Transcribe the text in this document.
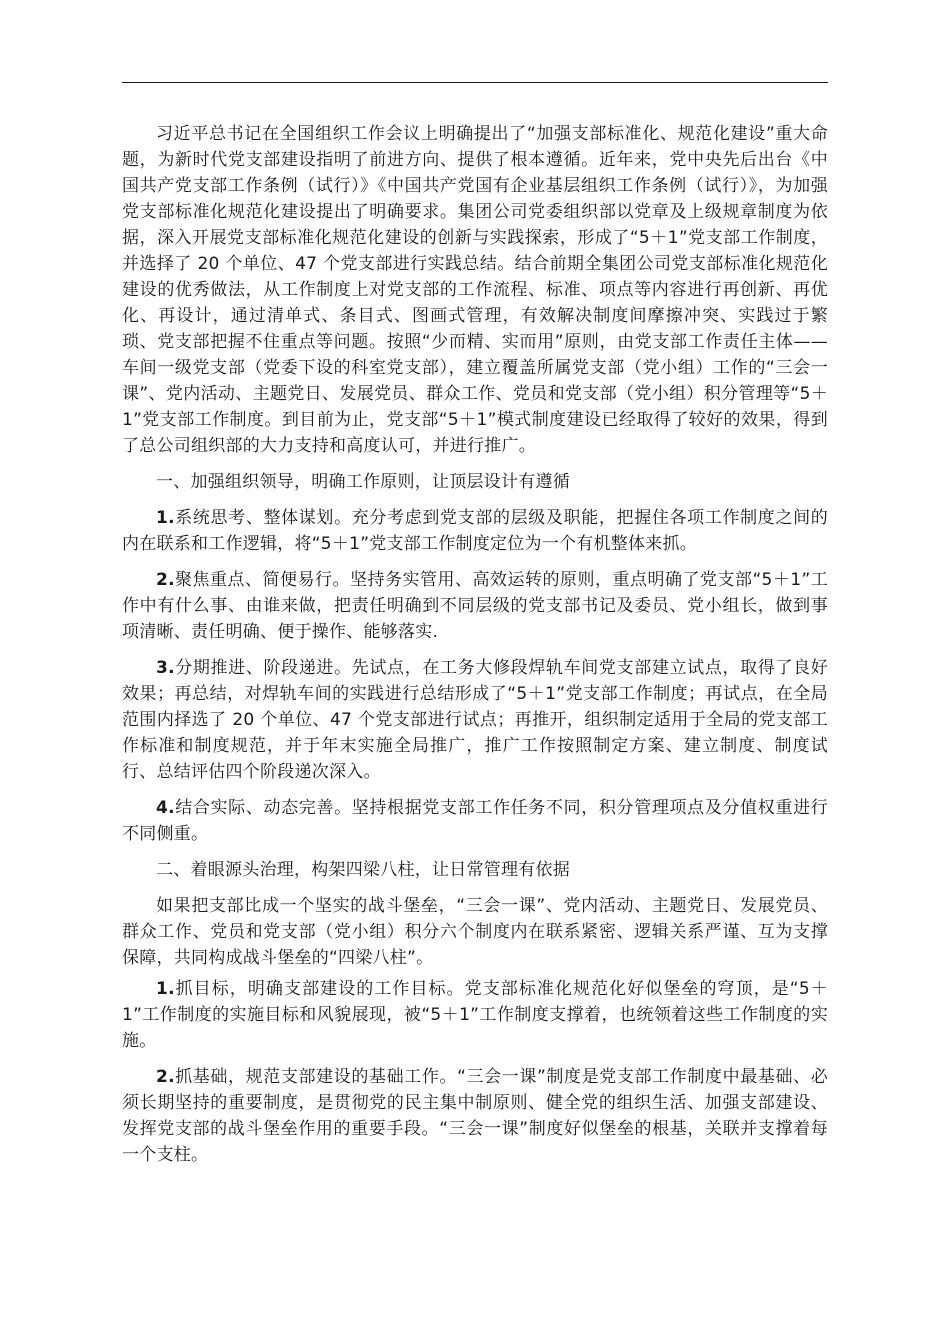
习近平总书记在全国组织工作会议上明确提出了“加强支部标准化、规范化建设”重大命题，为新时代党支部建设指明了前进方向、提供了根本遵循。近年来，党中央先后出台《中国共产党支部工作条例（试行）》《中国共产党国有企业基层组织工作条例（试行）》，为加强党支部标准化规范化建设提出了明确要求。集团公司党委组织部以党章及上级规章制度为依据，深入开展党支部标准化规范化建设的创新与实践探索，形成了“5＋1”党支部工作制度，并选择了 20 个单位、47 个党支部进行实践总结。结合前期全集团公司党支部标准化规范化建设的优秀做法，从工作制度上对党支部的工作流程、标准、项点等内容进行再创新、再优化、再设计，通过清单式、条目式、图画式管理，有效解决制度间摩擦冲突、实践过于繁琐、党支部把握不住重点等问题。按照“少而精、实而用”原则，由党支部工作责任主体——车间一级党支部（党委下设的科室党支部），建立覆盖所属党支部（党小组）工作的“三会一课”、党内活动、主题党日、发展党员、群众工作、党员和党支部（党小组）积分管理等“5＋1”党支部工作制度。到目前为止，党支部“5＋1”模式制度建设已经取得了较好的效果，得到了总公司组织部的大力支持和高度认可，并进行推广。

一、加强组织领导，明确工作原则，让顶层设计有遵循

1.系统思考、整体谋划。充分考虑到党支部的层级及职能，把握住各项工作制度之间的内在联系和工作逻辑，将“5＋1”党支部工作制度定位为一个有机整体来抓。

2.聚焦重点、简便易行。坚持务实管用、高效运转的原则，重点明确了党支部“5＋1”工作中有什么事、由谁来做，把责任明确到不同层级的党支部书记及委员、党小组长，做到事项清晰、责任明确、便于操作、能够落实.

3.分期推进、阶段递进。先试点，在工务大修段焊轨车间党支部建立试点，取得了良好效果；再总结，对焊轨车间的实践进行总结形成了“5＋1”党支部工作制度；再试点，在全局范围内择选了 20 个单位、47 个党支部进行试点；再推开，组织制定适用于全局的党支部工作标准和制度规范，并于年末实施全局推广，推广工作按照制定方案、建立制度、制度试行、总结评估四个阶段递次深入。

4.结合实际、动态完善。坚持根据党支部工作任务不同，积分管理项点及分值权重进行不同侧重。

二、着眼源头治理，构架四梁八柱，让日常管理有依据

如果把支部比成一个坚实的战斗堡垒，“三会一课”、党内活动、主题党日、发展党员、群众工作、党员和党支部（党小组）积分六个制度内在联系紧密、逻辑关系严谨、互为支撑保障，共同构成战斗堡垒的“四梁八柱”。

1.抓目标，明确支部建设的工作目标。党支部标准化规范化好似堡垒的穹顶，是“5＋1”工作制度的实施目标和风貌展现，被“5＋1”工作制度支撑着，也统领着这些工作制度的实施。

2.抓基础，规范支部建设的基础工作。“三会一课”制度是党支部工作制度中最基础、必须长期坚持的重要制度，是贯彻党的民主集中制原则、健全党的组织生活、加强支部建设、发挥党支部的战斗堡垒作用的重要手段。“三会一课”制度好似堡垒的根基，关联并支撑着每一个支柱。
